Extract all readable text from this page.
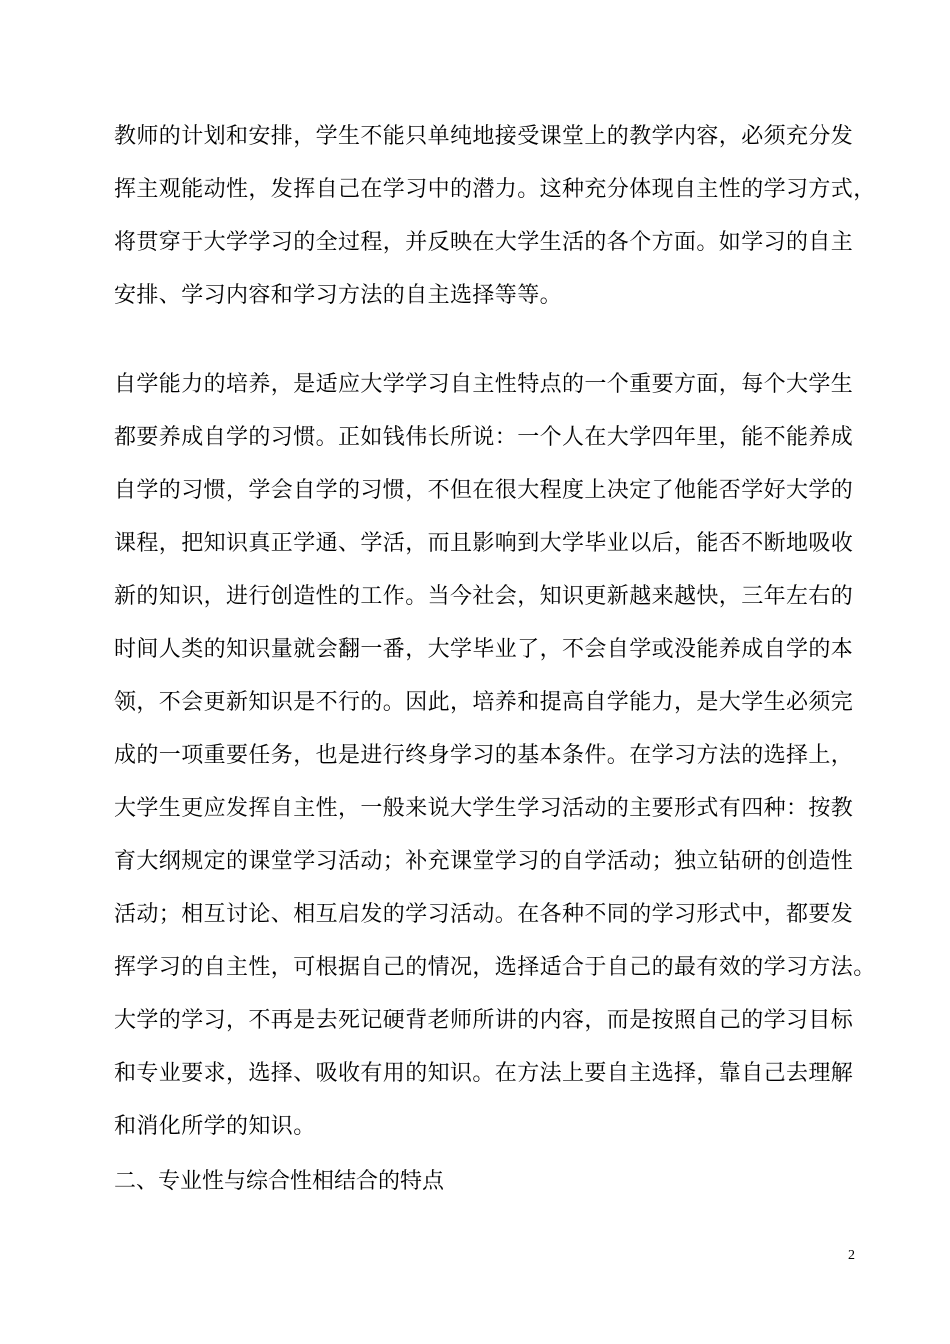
教师的计划和安排，学生不能只单纯地接受课堂上的教学内容，必须充分发
挥主观能动性，发挥自己在学习中的潜力。这种充分体现自主性的学习方式，
将贯穿于大学学习的全过程，并反映在大学生活的各个方面。如学习的自主
安排、学习内容和学习方法的自主选择等等。
自学能力的培养，是适应大学学习自主性特点的一个重要方面，每个大学生
都要养成自学的习惯。正如钱伟长所说：一个人在大学四年里，能不能养成
自学的习惯，学会自学的习惯，不但在很大程度上决定了他能否学好大学的
课程，把知识真正学通、学活，而且影响到大学毕业以后，能否不断地吸收
新的知识，进行创造性的工作。当今社会，知识更新越来越快，三年左右的
时间人类的知识量就会翻一番，大学毕业了，不会自学或没能养成自学的本
领，不会更新知识是不行的。因此，培养和提高自学能力，是大学生必须完
成的一项重要任务，也是进行终身学习的基本条件。在学习方法的选择上，
大学生更应发挥自主性，一般来说大学生学习活动的主要形式有四种：按教
育大纲规定的课堂学习活动；补充课堂学习的自学活动；独立钻研的创造性
活动；相互讨论、相互启发的学习活动。在各种不同的学习形式中，都要发
挥学习的自主性，可根据自己的情况，选择适合于自己的最有效的学习方法。
大学的学习，不再是去死记硬背老师所讲的内容，而是按照自己的学习目标
和专业要求，选择、吸收有用的知识。在方法上要自主选择，靠自己去理解
和消化所学的知识。
二、专业性与综合性相结合的特点
2
